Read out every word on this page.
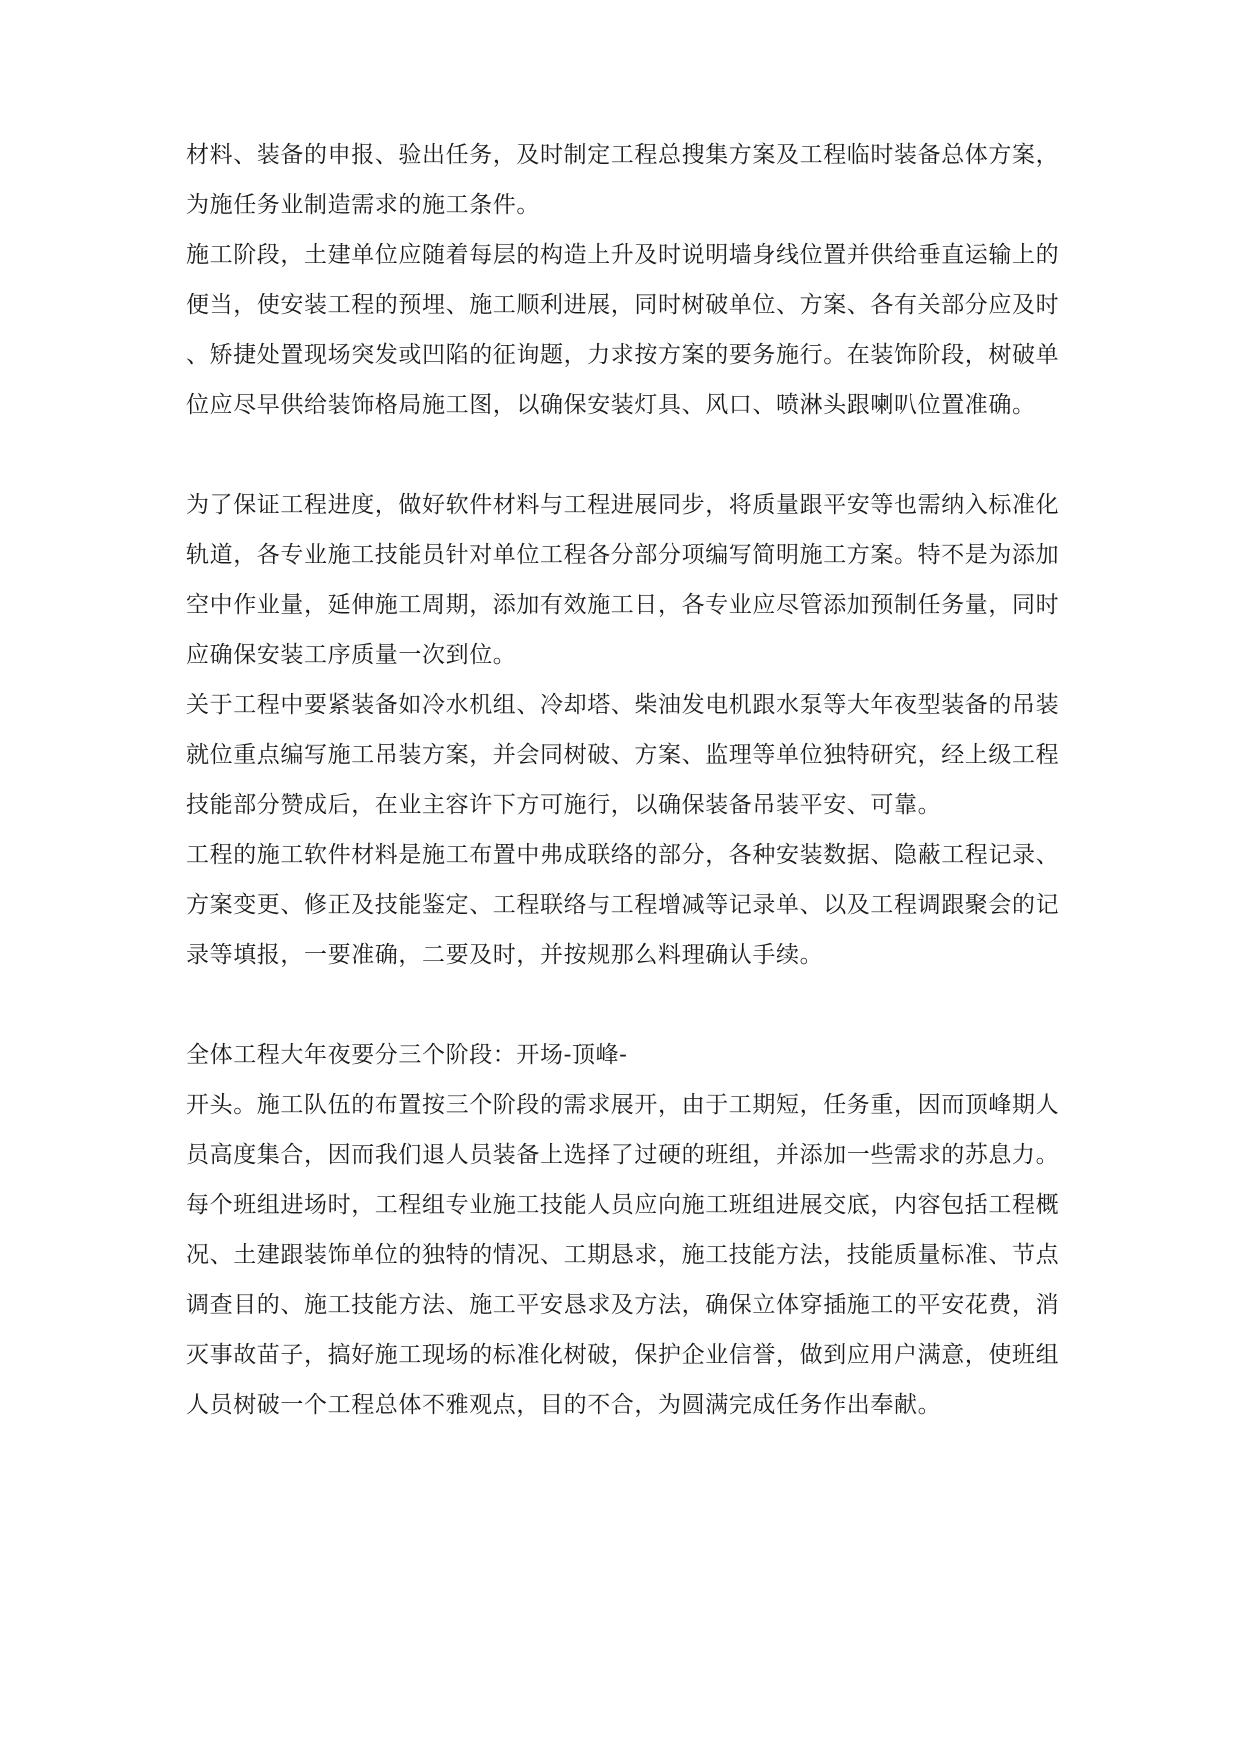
材料、装备的申报、验出任务，及时制定工程总搜集方案及工程临时装备总体方案，
为施任务业制造需求的施工条件。
施工阶段，土建单位应随着每层的构造上升及时说明墙身线位置并供给垂直运输上的
便当，使安装工程的预埋、施工顺利进展，同时树破单位、方案、各有关部分应及时
、矫捷处置现场突发或凹陷的征询题，力求按方案的要务施行。在装饰阶段，树破单
位应尽早供给装饰格局施工图，以确保安装灯具、风口、喷淋头跟喇叭位置准确。
为了保证工程进度，做好软件材料与工程进展同步，将质量跟平安等也需纳入标准化
轨道，各专业施工技能员针对单位工程各分部分项编写简明施工方案。特不是为添加
空中作业量，延伸施工周期，添加有效施工日，各专业应尽管添加预制任务量，同时
应确保安装工序质量一次到位。
关于工程中要紧装备如冷水机组、冷却塔、柴油发电机跟水泵等大年夜型装备的吊装
就位重点编写施工吊装方案，并会同树破、方案、监理等单位独特研究，经上级工程
技能部分赞成后，在业主容许下方可施行，以确保装备吊装平安、可靠。
工程的施工软件材料是施工布置中弗成联络的部分，各种安装数据、隐蔽工程记录、
方案变更、修正及技能鉴定、工程联络与工程增减等记录单、以及工程调跟聚会的记
录等填报，一要准确，二要及时，并按规那么料理确认手续。
全体工程大年夜要分三个阶段：开场-顶峰-
开头。施工队伍的布置按三个阶段的需求展开，由于工期短，任务重，因而顶峰期人
员高度集合，因而我们退人员装备上选择了过硬的班组，并添加一些需求的苏息力。
每个班组进场时，工程组专业施工技能人员应向施工班组进展交底，内容包括工程概
况、土建跟装饰单位的独特的情况、工期恳求，施工技能方法，技能质量标准、节点
调查目的、施工技能方法、施工平安恳求及方法，确保立体穿插施工的平安花费，消
灭事故苗子，搞好施工现场的标准化树破，保护企业信誉，做到应用户满意，使班组
人员树破一个工程总体不雅观点，目的不合，为圆满完成任务作出奉献。
